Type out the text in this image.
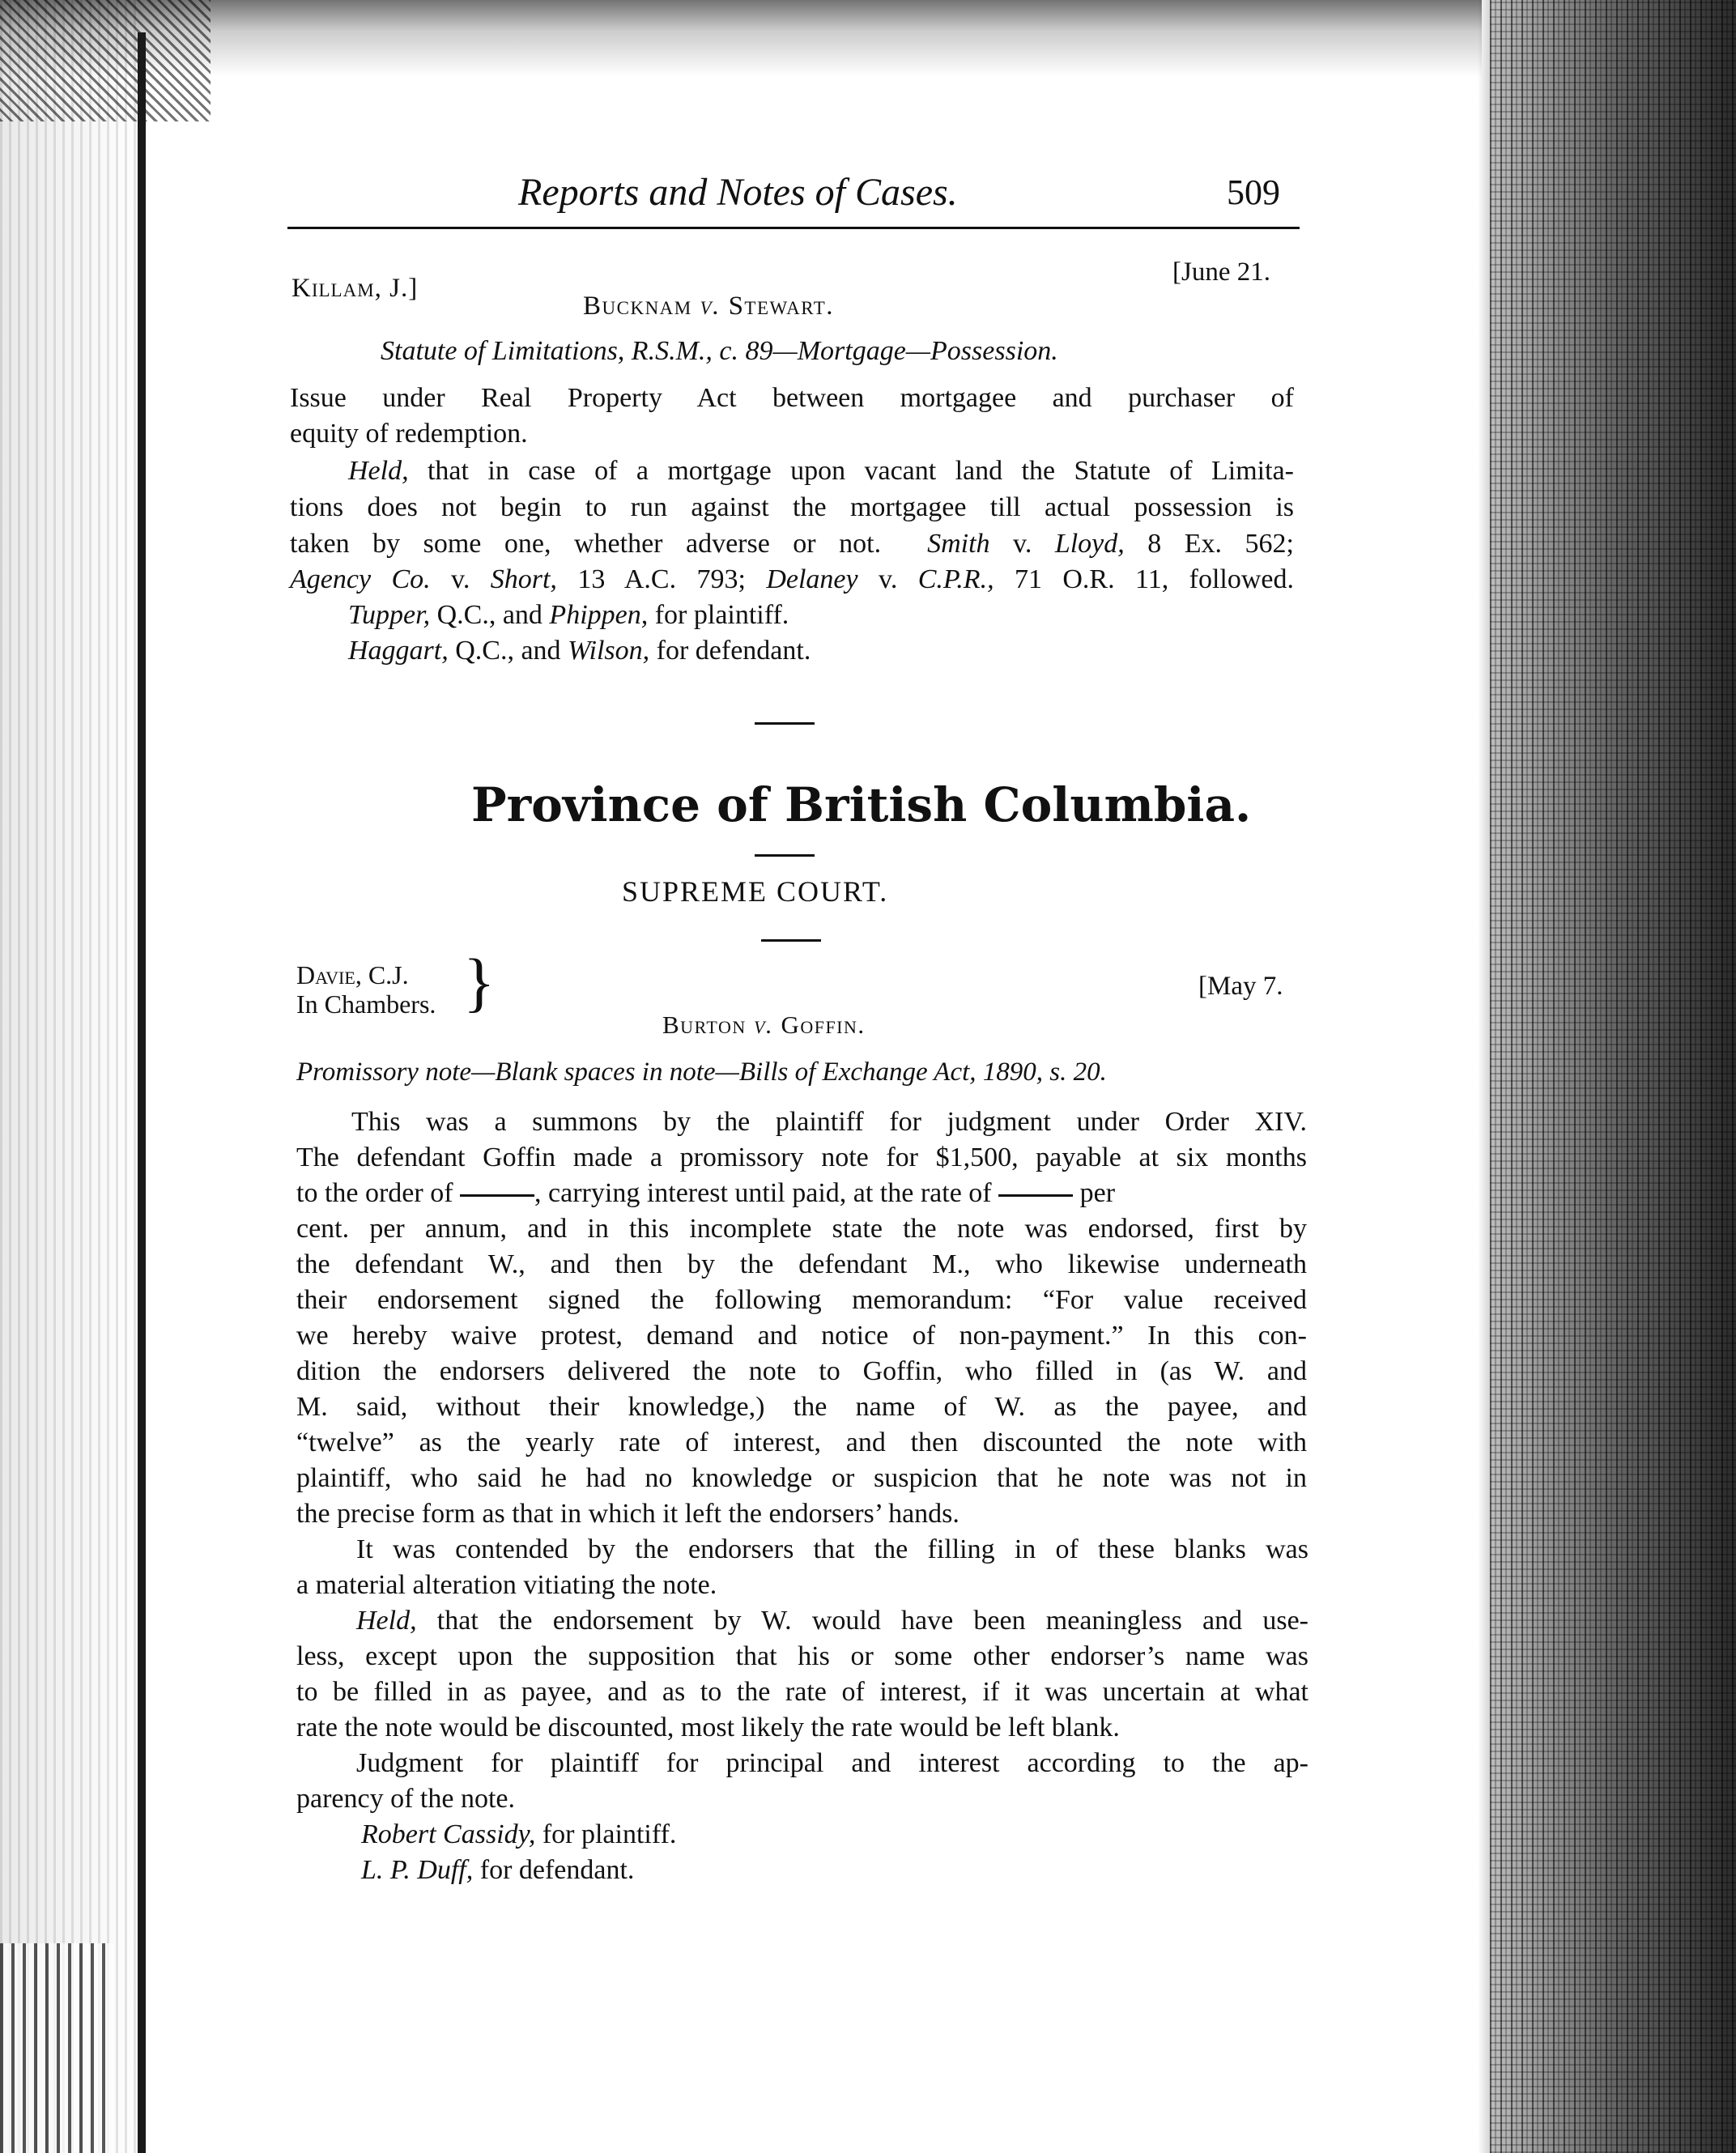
Reports and Notes of Cases.	509
Killam, J.]
[June 21.
Bucknam v. Stewart.
Statute of Limitations, R.S.M., c. 89—Mortgage—Possession.
Issue under Real Property Act between mortgagee and purchaser of
equity of redemption.
Held, that in case of a mortgage upon vacant land the Statute of Limita-
tions does not begin to run against the mortgagee till actual possession is
taken by some one, whether adverse or not. Smith v. Lloyd, 8 Ex. 562;
Agency Co. v. Short, 13 A.C. 793; Delaney v. C.P.R., 71 O.R. 11, followed.
Tupper, Q.C., and Phippen, for plaintiff.
Haggart, Q.C., and Wilson, for defendant.
Province of British Columbia.
SUPREME COURT.
Davie, C.J.
In Chambers. }	[May 7.
Burton v. Goffin.
Promissory note—Blank spaces in note—Bills of Exchange Act, 1890, s. 20.
This was a summons by the plaintiff for judgment under Order XIV.
The defendant Goffin made a promissory note for $1,500, payable at six months
to the order of	, carrying interest until paid, at the rate of	per
cent. per annum, and in this incomplete state the note was endorsed, first by
the defendant W., and then by the defendant M., who likewise underneath
their endorsement signed the following memorandum: “For value received
we hereby waive protest, demand and notice of non-payment.” In this con-
dition the endorsers delivered the note to Goffin, who filled in (as W. and
M. said, without their knowledge,) the name of W. as the payee, and
“twelve” as the yearly rate of interest, and then discounted the note with
plaintiff, who said he had no knowledge or suspicion that he note was not in
the precise form as that in which it left the endorsers’ hands.
It was contended by the endorsers that the filling in of these blanks was
a material alteration vitiating the note.
Held, that the endorsement by W. would have been meaningless and use-
less, except upon the supposition that his or some other endorser’s name was
to be filled in as payee, and as to the rate of interest, if it was uncertain at what
rate the note would be discounted, most likely the rate would be left blank.
Judgment for plaintiff for principal and interest according to the ap-
parency of the note.
Robert Cassidy, for plaintiff.
L. P. Duff, for defendant.
